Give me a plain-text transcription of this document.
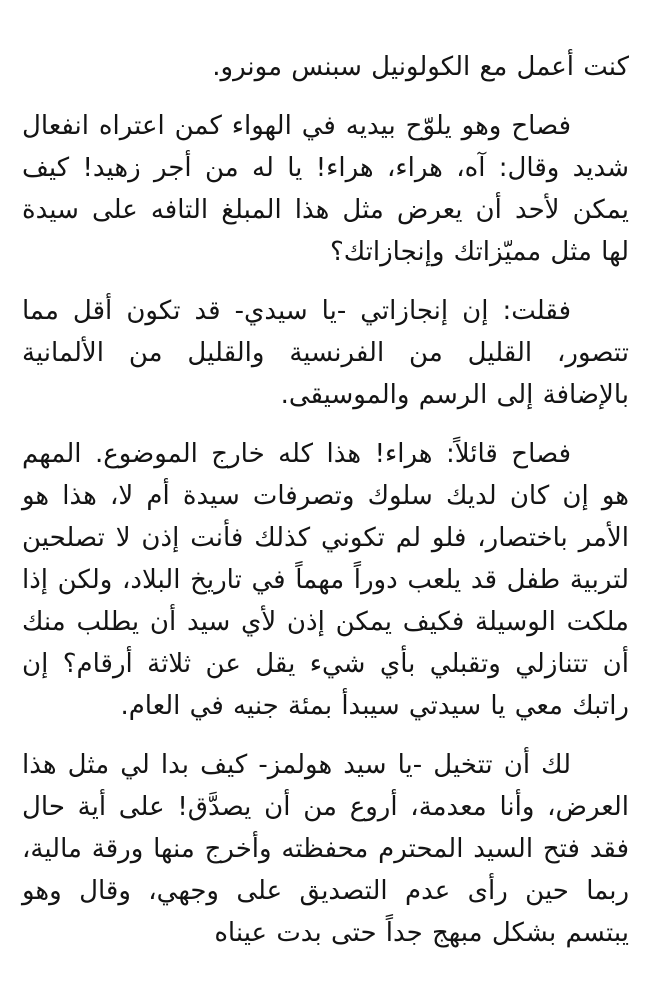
كنت أعمل مع الكولونيل سبنس مونرو.

فصاح وهو يلوّح بيديه في الهواء كمن اعتراه انفعال شديد وقال: آه، هراء، هراء! يا له من أجر زهيد! كيف يمكن لأحد أن يعرض مثل هذا المبلغ التافه على سيدة لها مثل مميّزاتك وإنجازاتك؟

فقلت: إن إنجازاتي -يا سيدي- قد تكون أقل مما تتصور، القليل من الفرنسية والقليل من الألمانية بالإضافة إلى الرسم والموسيقى.

فصاح قائلاً: هراء! هذا كله خارج الموضوع. المهم هو إن كان لديك سلوك وتصرفات سيدة أم لا، هذا هو الأمر باختصار، فلو لم تكوني كذلك فأنت إذن لا تصلحين لتربية طفل قد يلعب دوراً مهماً في تاريخ البلاد، ولكن إذا ملكت الوسيلة فكيف يمكن إذن لأي سيد أن يطلب منك أن تتنازلي وتقبلي بأي شيء يقل عن ثلاثة أرقام؟ إن راتبك معي يا سيدتي سيبدأ بمئة جنيه في العام.

لك أن تتخيل -يا سيد هولمز- كيف بدا لي مثل هذا العرض، وأنا معدمة، أروع من أن يصدَّق! على أية حال فقد فتح السيد المحترم محفظته وأخرج منها ورقة مالية، ربما حين رأى عدم التصديق على وجهي، وقال وهو يبتسم بشكل مبهج جداً حتى بدت عيناه
